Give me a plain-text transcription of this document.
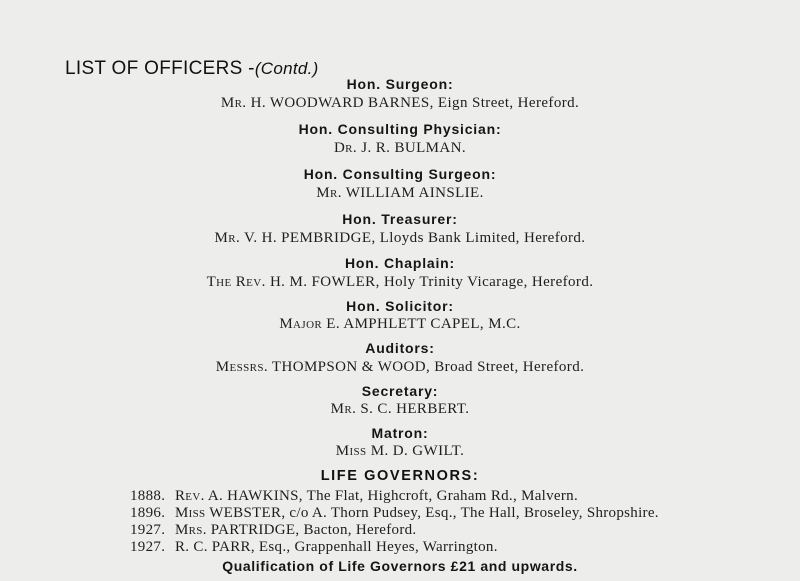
LIST OF OFFICERS -(Contd.)
Hon. Surgeon:
Mr. H. WOODWARD BARNES, Eign Street, Hereford.
Hon. Consulting Physician:
Dr. J. R. BULMAN.
Hon. Consulting Surgeon:
Mr. WILLIAM AINSLIE.
Hon. Treasurer:
Mr. V. H. PEMBRIDGE, Lloyds Bank Limited, Hereford.
Hon. Chaplain:
The Rev. H. M. FOWLER, Holy Trinity Vicarage, Hereford.
Hon. Solicitor:
Major E. AMPHLETT CAPEL, M.C.
Auditors:
Messrs. THOMPSON & WOOD, Broad Street, Hereford.
Secretary:
Mr. S. C. HERBERT.
Matron:
Miss M. D. GWILT.
LIFE GOVERNORS:
1888. Rev. A. HAWKINS, The Flat, Highcroft, Graham Rd., Malvern.
1896. Miss WEBSTER, c/o A. Thorn Pudsey, Esq., The Hall, Broseley, Shropshire.
1927. Mrs. PARTRIDGE, Bacton, Hereford.
1927. R. C. PARR, Esq., Grappenhall Heyes, Warrington.
Qualification of Life Governors £21 and upwards.
